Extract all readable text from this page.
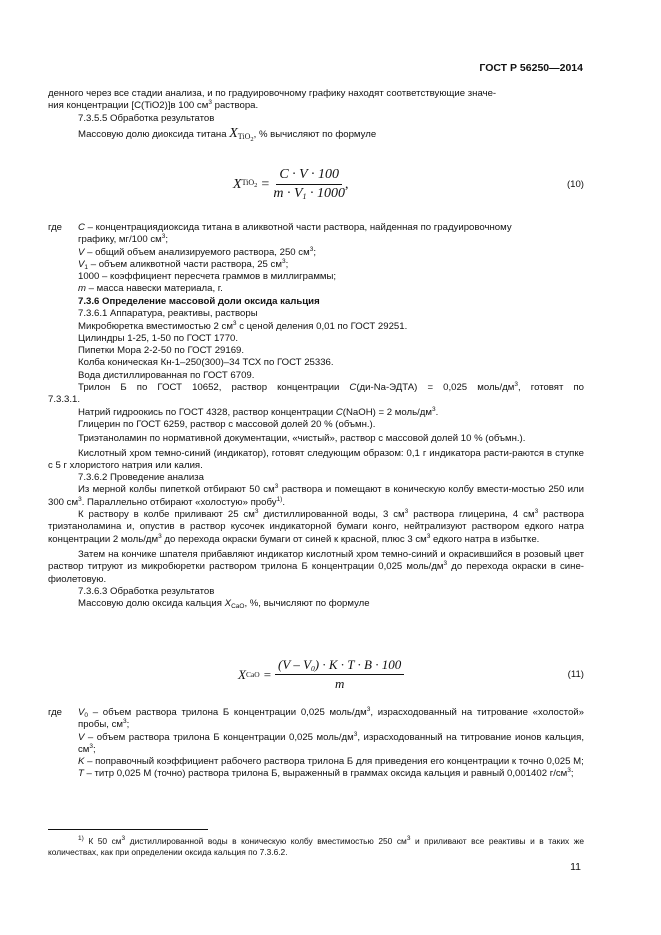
ГОСТ Р 56250—2014

денного через все стадии анализа, и по градуировочному графику находят соответствующие значе-

ния концентрации [C(TiO2)]в 100 $см^3$ раствора.

7.3.5.5 Обработка результатов

Массовую долю диоксида титана $X_{TiO_2}$, % вычисляют по формуле

X $TiO_2 = \frac{C \cdot V \cdot 100}{m \cdot V_1 \cdot 1000}$ ,	(10)
где	C – концентрациядиоксида титана в аликвотной части раствора, найденная по градуировочному

графику, мг/100 $см^3$;

V – общий объем анализируемого раствора, 250 $см^3$;

$V_1$ – объем аликвотной части раствора, 25 $см^3$;

1000 – коэффициент пересчета граммов в миллиграммы;

m – масса навески материала, г.

7.3.6 Определение массовой доли оксида кальция

7.3.6.1 Аппаратура, реактивы, растворы

Микробюретка вместимостью 2 $см^3$ с ценой деления 0,01 по ГОСТ 29251.

Цилиндры 1-25, 1-50 по ГОСТ 1770.

Пипетки Мора 2-2-50 по ГОСТ 29169.

Колба коническая Кн-1–250(300)–34 ТСХ по ГОСТ 25336.

Вода дистиллированная по ГОСТ 6709.

Трилон Б по ГОСТ 10652, раствор концентрации C(ди-Na-ЭДТА) = 0,025 моль/$дм^3$, готовят по

7.3.3.1.

Натрий гидроокись по ГОСТ 4328, раствор концентрации C(NaOH) = 2 моль/$дм^3$.

Глицерин по ГОСТ 6259, раствор с массовой долей 20 % (объмн.).

Триэтаноламин по нормативной документации, «чистый», раствор с массовой долей 10 % (объмн.).

Кислотный хром темно-синий (индикатор), готовят следующим образом: 0,1 г индикатора расти-раются в ступке с 5 г хлористого натрия или калия.

7.3.6.2 Проведение анализа

Из мерной колбы пипеткой отбирают 50 $см^3$ раствора и помещают в коническую колбу вмести-мостью 250 или 300 $см^3$. Параллельно отбирают «холостую» пробу$^{1)}$.

К раствору в колбе приливают 25 $см^3$ дистиллированной воды, 3 $см^3$ раствора глицерина, 4 $см^3$ раствора триэтаноламина и, опустив в раствор кусочек индикаторной бумаги конго, нейтрализуют раствором едкого натра концентрации 2 моль/$дм^3$ до перехода окраски бумаги от синей к красной, плюс 3 $см^3$ едкого натра в избытке.

Затем на кончике шпателя прибавляют индикатор кислотный хром темно-синий и окрасившийся в розовый цвет раствор титруют из микробюретки раствором трилона Б концентрации 0,025 моль/$дм^3$ до перехода окраски в сине-фиолетовую.

7.3.6.3 Обработка результатов

Массовую долю оксида кальция $X_{CaO}$, %, вычисляют по формуле

X CaO = $\frac{(V - V_0) \cdot K \cdot T \cdot B \cdot 100}{m}$	(11)
где	$V_0$ – объем раствора трилона Б концентрации 0,025 моль/$дм^3$, израсходованный на титрование «холостой» пробы, $см^3$;

V – объем раствора трилона Б концентрации 0,025 моль/$дм^3$, израсходованный на титрование ионов кальция, $см^3$;

K – поправочный коэффициент рабочего раствора трилона Б для приведения его концентрации к точно 0,025 М;

T – титр 0,025 М (точно) раствора трилона Б, выраженный в граммах оксида кальция и равный 0,001402 $г/см^3$;

$^{1)}$ К 50 $см^3$ дистиллированной воды в коническую колбу вместимостью 250 $см^3$ и приливают все реактивы и в таких же количествах, как при определении оксида кальция по 7.3.6.2.

11
